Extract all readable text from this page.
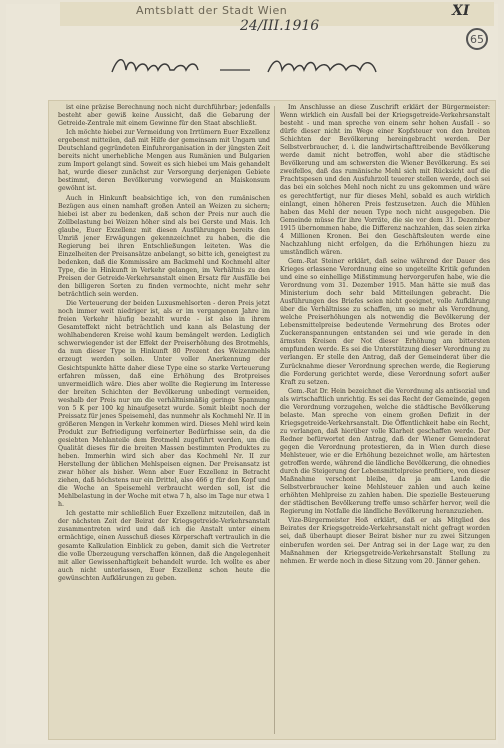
Amtsblatt der Stadt Wien
24/III.1916
XI
65

ist eine präzise Berechnung noch nicht durchführbar; jedenfalls besteht aber gewiß keine Aussicht, daß die Gebarung der Getreide-Zentrale mit einem Gewinne für den Staat abschließt.

Ich möchte hiebei zur Vermeidung von Irrtümern Euer Exzellenz ergebenst mitteilen, daß mit Hilfe der gemeinsam mit Ungarn und Deutschland gegründeten Einfuhrorganisation in der jüngsten Zeit bereits nicht unerhebliche Mengen aus Rumänien und Bulgarien zum Import gelangt sind. Soweit es sich hiebei um Mais gehandelt hat, wurde dieser zunächst zur Versorgung derjenigen Gebiete bestimmt, deren Bevölkerung vorwiegend an Maiskonsum gewöhnt ist.

Auch in Hinkunft beabsichtige ich, von den rumänischen Bezügen aus einen namhaft großen Anteil an Weizen zu sichern; hiebei ist aber zu bedenken, daß schon der Preis nur auch die Zollbelastung bei Weizen höher sind als bei Gerste und Mais. Ich glaube, Euer Exzellenz mit diesen Ausführungen bereits den Umriß jener Erwägungen gekennzeichnet zu haben, die die Regierung bei ihren Entschließungen leiteten. Was die Einzelheiten der Preisansätze anbelangt, so bitte ich, geneigtest zu bedenken, daß die Kommissäre am Backmehl und Kochmehl alter Type, die in Hinkunft in Verkehr gelangen, im Verhältnis zu den Preisen der Getreide-Verkehrsanstalt einen Ersatz für Ausfälle bei den billigeren Sorten zu finden vermochte, nicht mehr sehr beträchtlich sein werden.

Die Verteuerung der beiden Luxusmehlsorten - deren Preis jetzt noch immer weit niedriger ist, als er im vergangenen Jahre im freien Verkehr häufig bezahlt wurde - ist also in ihrem Gesamteffekt nicht beträchtlich und kann als Belastung der wohlhabenderen Kreise wohl kaum bemängelt werden. Lediglich schwerwiegender ist der Effekt der Preiserhöhung des Brotmehls, da nun dieser Type in Hinkunft 80 Prozent des Weizenmehls erzeugt werden sollen. Unter voller Anerkennung der Gesichtspunkte hätte daher diese Type eine so starke Verteuerung erfahren müssen, daß eine Erhöhung des Brotpreises unvermeidlich wäre. Dies aber wollte die Regierung im Interesse der breiten Schichten der Bevölkerung unbedingt vermeiden, weshalb der Preis nur um die verhältnismäßig geringe Spannung von 5 K per 100 kg hinaufgesetzt wurde. Somit bleibt noch der Preissatz für jenes Speisemehl, das nunmehr als Kochmehl Nr. II in größeren Mengen in Verkehr kommen wird. Dieses Mehl wird kein Produkt zur Befriedigung verfeinerter Bedürfnisse sein, da die gesiebten Mehlanteile dem Brotmehl zugeführt werden, um die Qualität dieses für die breiten Massen bestimmten Produktes zu heben. Immerhin wird sich aber das Kochmehl Nr. II zur Herstellung der üblichen Mehlspeisen eignen. Der Preisansatz ist zwar höher als bisher. Wenn aber Euer Exzellenz in Betracht ziehen, daß höchstens nur ein Drittel, also 466 g für den Kopf und die Woche an Speisemehl verbraucht werden soll, ist die Mehlbelastung in der Woche mit etwa 7 h, also im Tage nur etwa 1 h.

Ich gestatte mir schließlich Euer Exzellenz mitzuteilen, daß in der nächsten Zeit der Beirat der Kriegsgetreide-Verkehrsanstalt zusammentreten wird und daß ich die Anstalt unter einem ermächtige, einen Ausschuß dieses Körperschaft vertraulich in die gesamte Kalkulation Einblick zu geben, damit sich die Vertreter die volle Überzeugung verschaffen können, daß die Angelegenheit mit aller Gewissenhaftigkeit behandelt wurde. Ich wollte es aber auch nicht unterlassen, Euer Exzellenz schon heute die gewünschten Aufklärungen zu geben.

Im Anschlusse an diese Zuschrift erklärt der Bürgermeister: Wenn wirklich ein Ausfall bei der Kriegsgetreide-Verkehrsanstalt besteht - und man spreche von einem sehr hohen Ausfall - so dürfe dieser nicht im Wege einer Kopfsteuer von den breiten Schichten der Bevölkerung hereingebracht werden. Der Selbstverbraucher, d. i. die landwirtschafttreibende Bevölkerung werde damit nicht betroffen, wohl aber die städtische Bevölkerung und am schwersten die Wiener Bevölkerung. Es sei zweifellos, daß das rumänische Mehl sich mit Rücksicht auf die Frachtspesen und den Ausfuhrzoll teuerer stellen werde, doch sei das bei ein solches Mehl noch nicht zu uns gekommen und wäre es gerechtfertigt, nur für dieses Mehl, sobald es auch wirklich einlangt, einen höheren Preis festzusetzen. Auch die Mühlen haben das Mehl der neuen Type noch nicht ausgegeben. Die Gemeinde müsse für ihre Vorräte, die sie vor dem 31. Dezember 1915 übernommen habe, die Differenz nachzahlen, das seien zirka 4 Millionen Kronen. Bei den Geschäftsleuten werde eine Nachzahlung nicht erfolgen, da die Erhöhungen hiezu zu umständlich wären.

Gem.-Rat Steiner erklärt, daß seine während der Dauer des Krieges erlassene Verordnung eine so ungeteilte Kritik gefunden und eine so einhellige Mißstimmung hervorgerufen habe, wie die Verordnung vom 31. Dezember 1915. Man hätte sie muß das Ministerium doch sehr bald Mitteilungen gebracht. Die Ausführungen des Briefes seien nicht geeignet, volle Aufklärung über die Verhältnisse zu schaffen, um so mehr als Verordnung, welche Preiserhöhungen als notwendig die Bevölkerung der Lebensmittelpreise bedeutende Vermehrung des Brotes oder Zuckeranspannungen entstanden sei und wie gerade in den ärmsten Kreisen der Not dieser Erhöhung am bittersten empfunden werde. Es sei die Unterstützung dieser Verordnung zu verlangen. Er stelle den Antrag, daß der Gemeinderat über die Zurücknahme dieser Verordnung sprechen werde, die Regierung die Forderung gerichtet werde, diese Verordnung sofort außer Kraft zu setzen.

Gem.-Rat Dr. Hein bezeichnet die Verordnung als antisozial und als wirtschaftlich unrichtig. Es sei das Recht der Gemeinde, gegen die Verordnung vorzugehen, welche die städtische Bevölkerung belaste. Man spreche von einem großen Defizit in der Kriegsgetreide-Verkehrsanstalt. Die Öffentlichkeit habe ein Recht, zu verlangen, daß hierüber volle Klarheit geschaffen werde. Der Redner befürwortet den Antrag, daß der Wiener Gemeinderat gegen die Verordnung protestieren, da in Wien durch diese Mehlsteuer, wie er die Erhöhung bezeichnet wolle, am härtesten getroffen werde, während die ländliche Bevölkerung, die ohnedies durch die Steigerung der Lebensmittelpreise profitiere, von dieser Maßnahme verschont bleibe, da ja am Lande die Selbstverbraucher keine Mehlsteuer zahlen und auch keine erhöhten Mehlpreise zu zahlen haben. Die spezielle Besteuerung der städtischen Bevölkerung treffe umso schärfer hervor, weil die Regierung im Notfalle die ländliche Bevölkerung heranzuziehen.

Vize-Bürgermeister Hoß erklärt, daß er als Mitglied des Beirates der Kriegsgetreide-Verkehrsanstalt nicht gefragt worden sei, daß überhaupt dieser Beirat bisher nur zu zwei Sitzungen einberufen worden sei. Der Antrag sei in der Lage war, zu den Maßnahmen der Kriegsgetreide-Verkehrsanstalt Stellung zu nehmen. Er werde noch in diese Sitzung vom 20. Jänner gehen.
